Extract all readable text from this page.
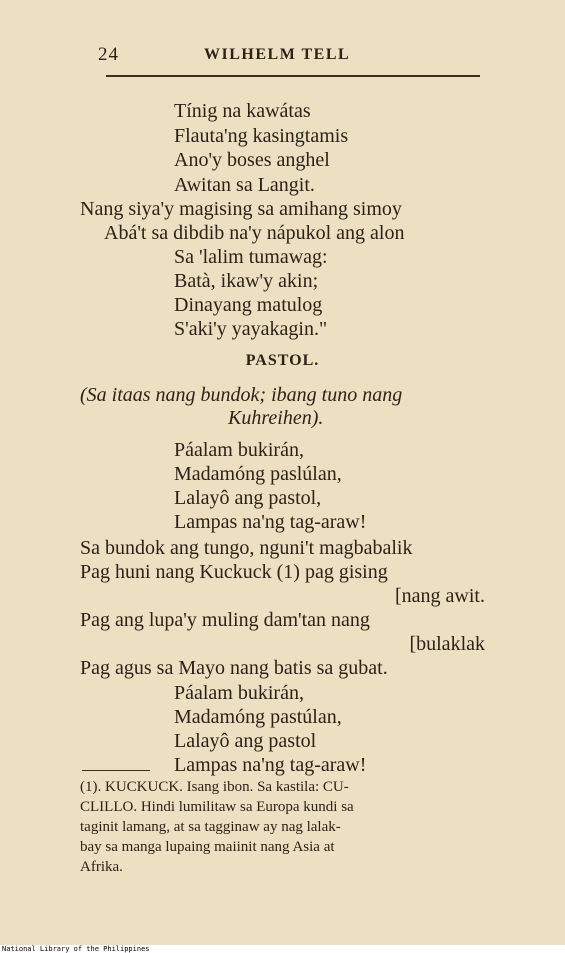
24	WILHELM TELL
Tínig na kawátas
Flauta'ng kasingtamis
Ano'y boses anghel
Awitan sa Langit.
Nang siya'y magising sa amihang simoy
Abá't sa dibdib na'y nápukol ang alon
Sa 'lalim tumawag:
Batà, ikaw'y akin;
Dinayang matulog
S'aki'y yayakagin."
PASTOL.
(Sa itaas nang bundok; ibang tuno nang
Kuhreihen).
Páalam bukirán,
Madamóng paslúlan,
Lalayô ang pastol,
Lampas na'ng tag-araw!
Sa bundok ang tungo, nguni't magbabalik
Pag huni nang Kuckuck (1) pag gising
[nang awit.
Pag ang lupa'y muling dam'tan nang
[bulaklak
Pag agus sa Mayo nang batis sa gubat.
Páalam bukirán,
Madamóng pastúlan,
Lalayô ang pastol
Lampas na'ng tag-araw!
(1). KUCKUCK. Isang ibon. Sa kastila: CU-
CLILLO. Hindi lumilitaw sa Europa kundi sa
taginit lamang, at sa tagginaw ay nag lalak-
bay sa manga lupaing maiinit nang Asia at
Afrika.
National Library of the Philippines
